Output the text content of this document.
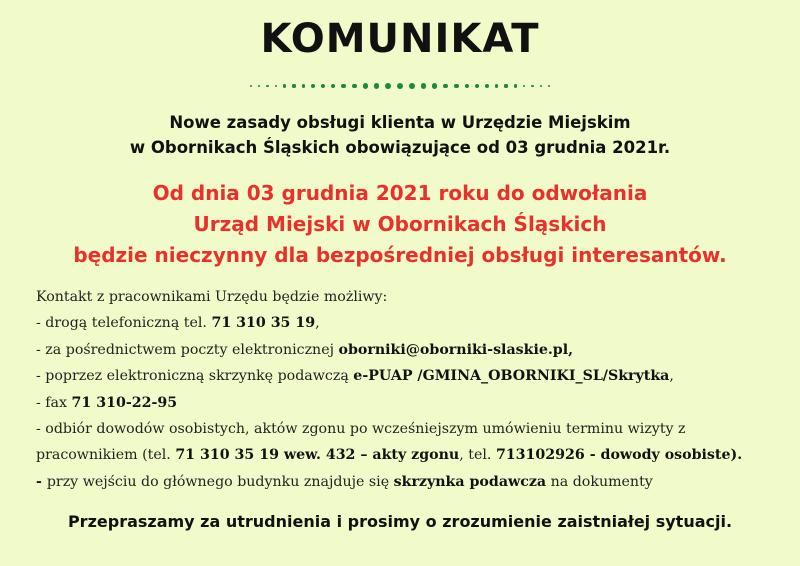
KOMUNIKAT
Nowe zasady obsługi klienta w Urzędzie Miejskim
w Obornikach Śląskich obowiązujące od 03 grudnia 2021r.
Od dnia 03 grudnia 2021 roku do odwołania
Urząd Miejski w Obornikach Śląskich
będzie nieczynny dla bezpośredniej obsługi interesantów.
Kontakt z pracownikami Urzędu będzie możliwy:
- drogą telefoniczną tel. 71 310 35 19,
- za pośrednictwem poczty elektronicznej oborniki@oborniki-slaskie.pl,
- poprzez elektroniczną skrzynkę podawczą e-PUAP /GMINA_OBORNIKI_SL/Skrytka,
- fax 71 310-22-95
- odbiór dowodów osobistych, aktów zgonu po wcześniejszym umówieniu terminu wizyty z
pracownikiem (tel. 71 310 35 19 wew. 432 – akty zgonu, tel. 713102926 - dowody osobiste).
- przy wejściu do głównego budynku znajduje się skrzynka podawcza na dokumenty
Przepraszamy za utrudnienia i prosimy o zrozumienie zaistniałej sytuacji.
